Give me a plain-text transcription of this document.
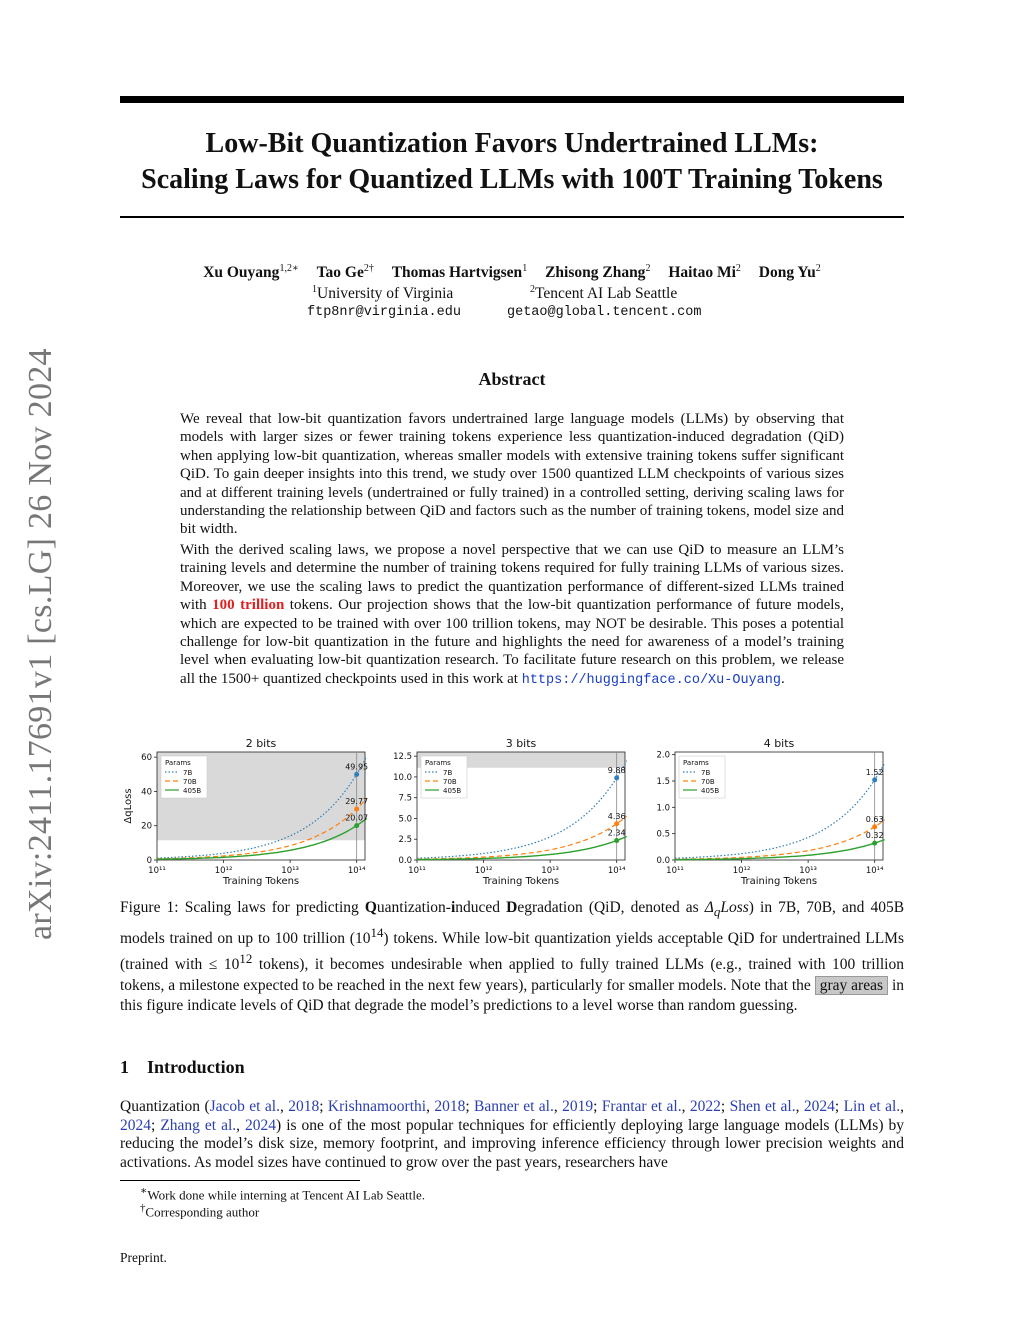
arXiv:2411.17691v1 [cs.LG] 26 Nov 2024
Low-Bit Quantization Favors Undertrained LLMs:
Scaling Laws for Quantized LLMs with 100T Training Tokens
Xu Ouyang$^{1,2∗}$ Tao $Ge^{2\dagger}$ Thomas Hartvigsen$^1$ Zhisong Zhang$^2$ Haitao Mi$^2$ Dong Yu$^2$
$^1$University of Virginia	$^2$Tencent AI Lab Seattle
ftp8nr@virginia.edu	getao@global.tencent.com
Abstract
We reveal that low-bit quantization favors undertrained large language models (LLMs) by observing that models with larger sizes or fewer training tokens experience less quantization-induced degradation (QiD) when applying low-bit quantization, whereas smaller models with extensive training tokens suffer significant QiD. To gain deeper insights into this trend, we study over 1500 quantized LLM checkpoints of various sizes and at different training levels (undertrained or fully trained) in a controlled setting, deriving scaling laws for understanding the relationship between QiD and factors such as the number of training tokens, model size and bit width.
With the derived scaling laws, we propose a novel perspective that we can use QiD to measure an LLM’s training levels and determine the number of training tokens required for fully training LLMs of various sizes. Moreover, we use the scaling laws to predict the quantization performance of different-sized LLMs trained with 100 trillion tokens. Our projection shows that the low-bit quantization performance of future models, which are expected to be trained with over 100 trillion tokens, may NOT be desirable. This poses a potential challenge for low-bit quantization in the future and highlights the need for awareness of a model’s training level when evaluating low-bit quantization research. To facilitate future research on this problem, we release all the 1500+ quantized checkpoints used in this work at https://huggingface.co/Xu-Ouyang.
2 bits
0
20
40
60
10¹¹	10¹²	10¹³	10¹⁴
Training Tokens
ΔqLoss
49.95
29.77
20.07
Params
7B
70B
405B
3 bits
0.0
2.5
5.0
7.5
10.0
12.5
10¹¹	10¹²	10¹³	10¹⁴
Training Tokens
9.88
4.36
2.34
Params
7B
70B
405B
4 bits
0.0
0.5
1.0
1.5
2.0
10¹¹	10¹²	10¹³	10¹⁴
Training Tokens
1.52
0.63
0.32
Params
7B
70B
405B
Figure 1: Scaling laws for predicting Quantization-induced Degradation (QiD, denoted as $\Delta_qLoss$) in 7B, 70B, and 405B models trained on up to 100 trillion $(10^{14})$ tokens. While low-bit quantization yields acceptable QiD for undertrained LLMs (trained with ≤ $10^{12}$ tokens), it becomes undesirable when applied to fully trained LLMs (e.g., trained with 100 trillion tokens, a milestone expected to be reached in the next few years), particularly for smaller models. Note that the gray areas in this figure indicate levels of QiD that degrade the model’s predictions to a level worse than random guessing.
1 Introduction
Quantization (Jacob et al., 2018; Krishnamoorthi, 2018; Banner et al., 2019; Frantar et al., 2022; Shen et al., 2024; Lin et al., 2024; Zhang et al., 2024) is one of the most popular techniques for efficiently deploying large language models (LLMs) by reducing the model’s disk size, memory footprint, and improving inference efficiency through lower precision weights and activations. As model sizes have continued to grow over the past years, researchers have
∗Work done while interning at Tencent AI Lab Seattle.
†Corresponding author
Preprint.
